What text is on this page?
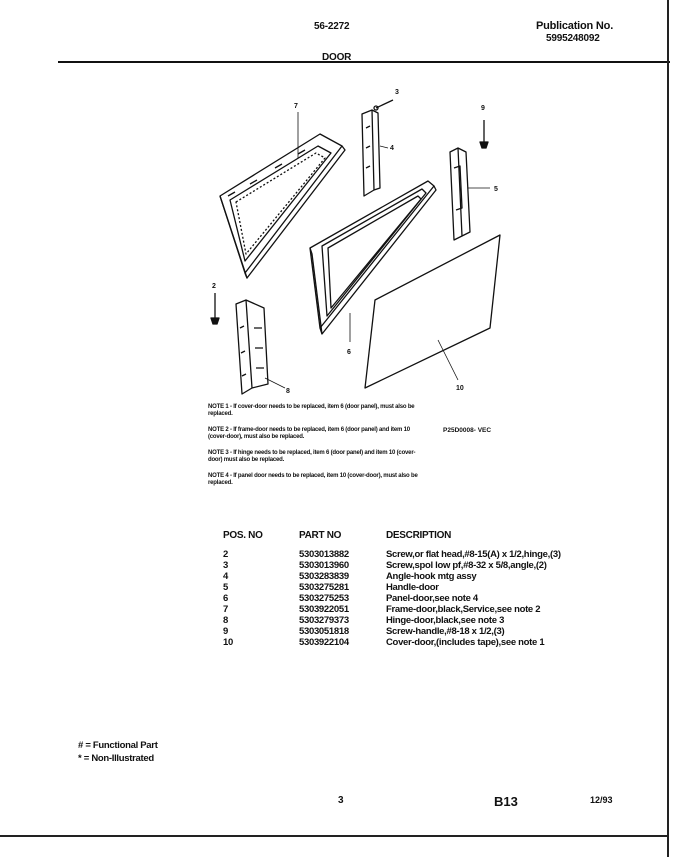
56-2272	Publication No.
5995248092
DOOR
7
3
4
9
5
2
6
8	10
NOTE 1 - If cover-door needs to be replaced, item 6 (door panel), must also be replaced.
NOTE 2 - If frame-door needs to be replaced, item 6 (door panel) and item 10 (cover-door), must also be replaced.
NOTE 3 - If hinge needs to be replaced, item 6 (door panel) and item 10 (cover-door) must also be replaced.
NOTE 4 - If panel door needs to be replaced, item 10 (cover-door), must also be replaced.
P25D0008- VEC
POS. NO	PART NO	DESCRIPTION
2	5303013882	Screw,or flat head,#8-15(A) x 1/2,hinge,(3)
3	5303013960	Screw,spol low pf,#8-32 x 5/8,angle,(2)
4	5303283839	Angle-hook mtg assy
5	5303275281	Handle-door
6	5303275253	Panel-door,see note 4
7	5303922051	Frame-door,black,Service,see note 2
8	5303279373	Hinge-door,black,see note 3
9	5303051818	Screw-handle,#8-18 x 1/2,(3)
10	5303922104	Cover-door,(includes tape),see note 1
# = Functional Part
* = Non-Illustrated
3	B13	12/93
